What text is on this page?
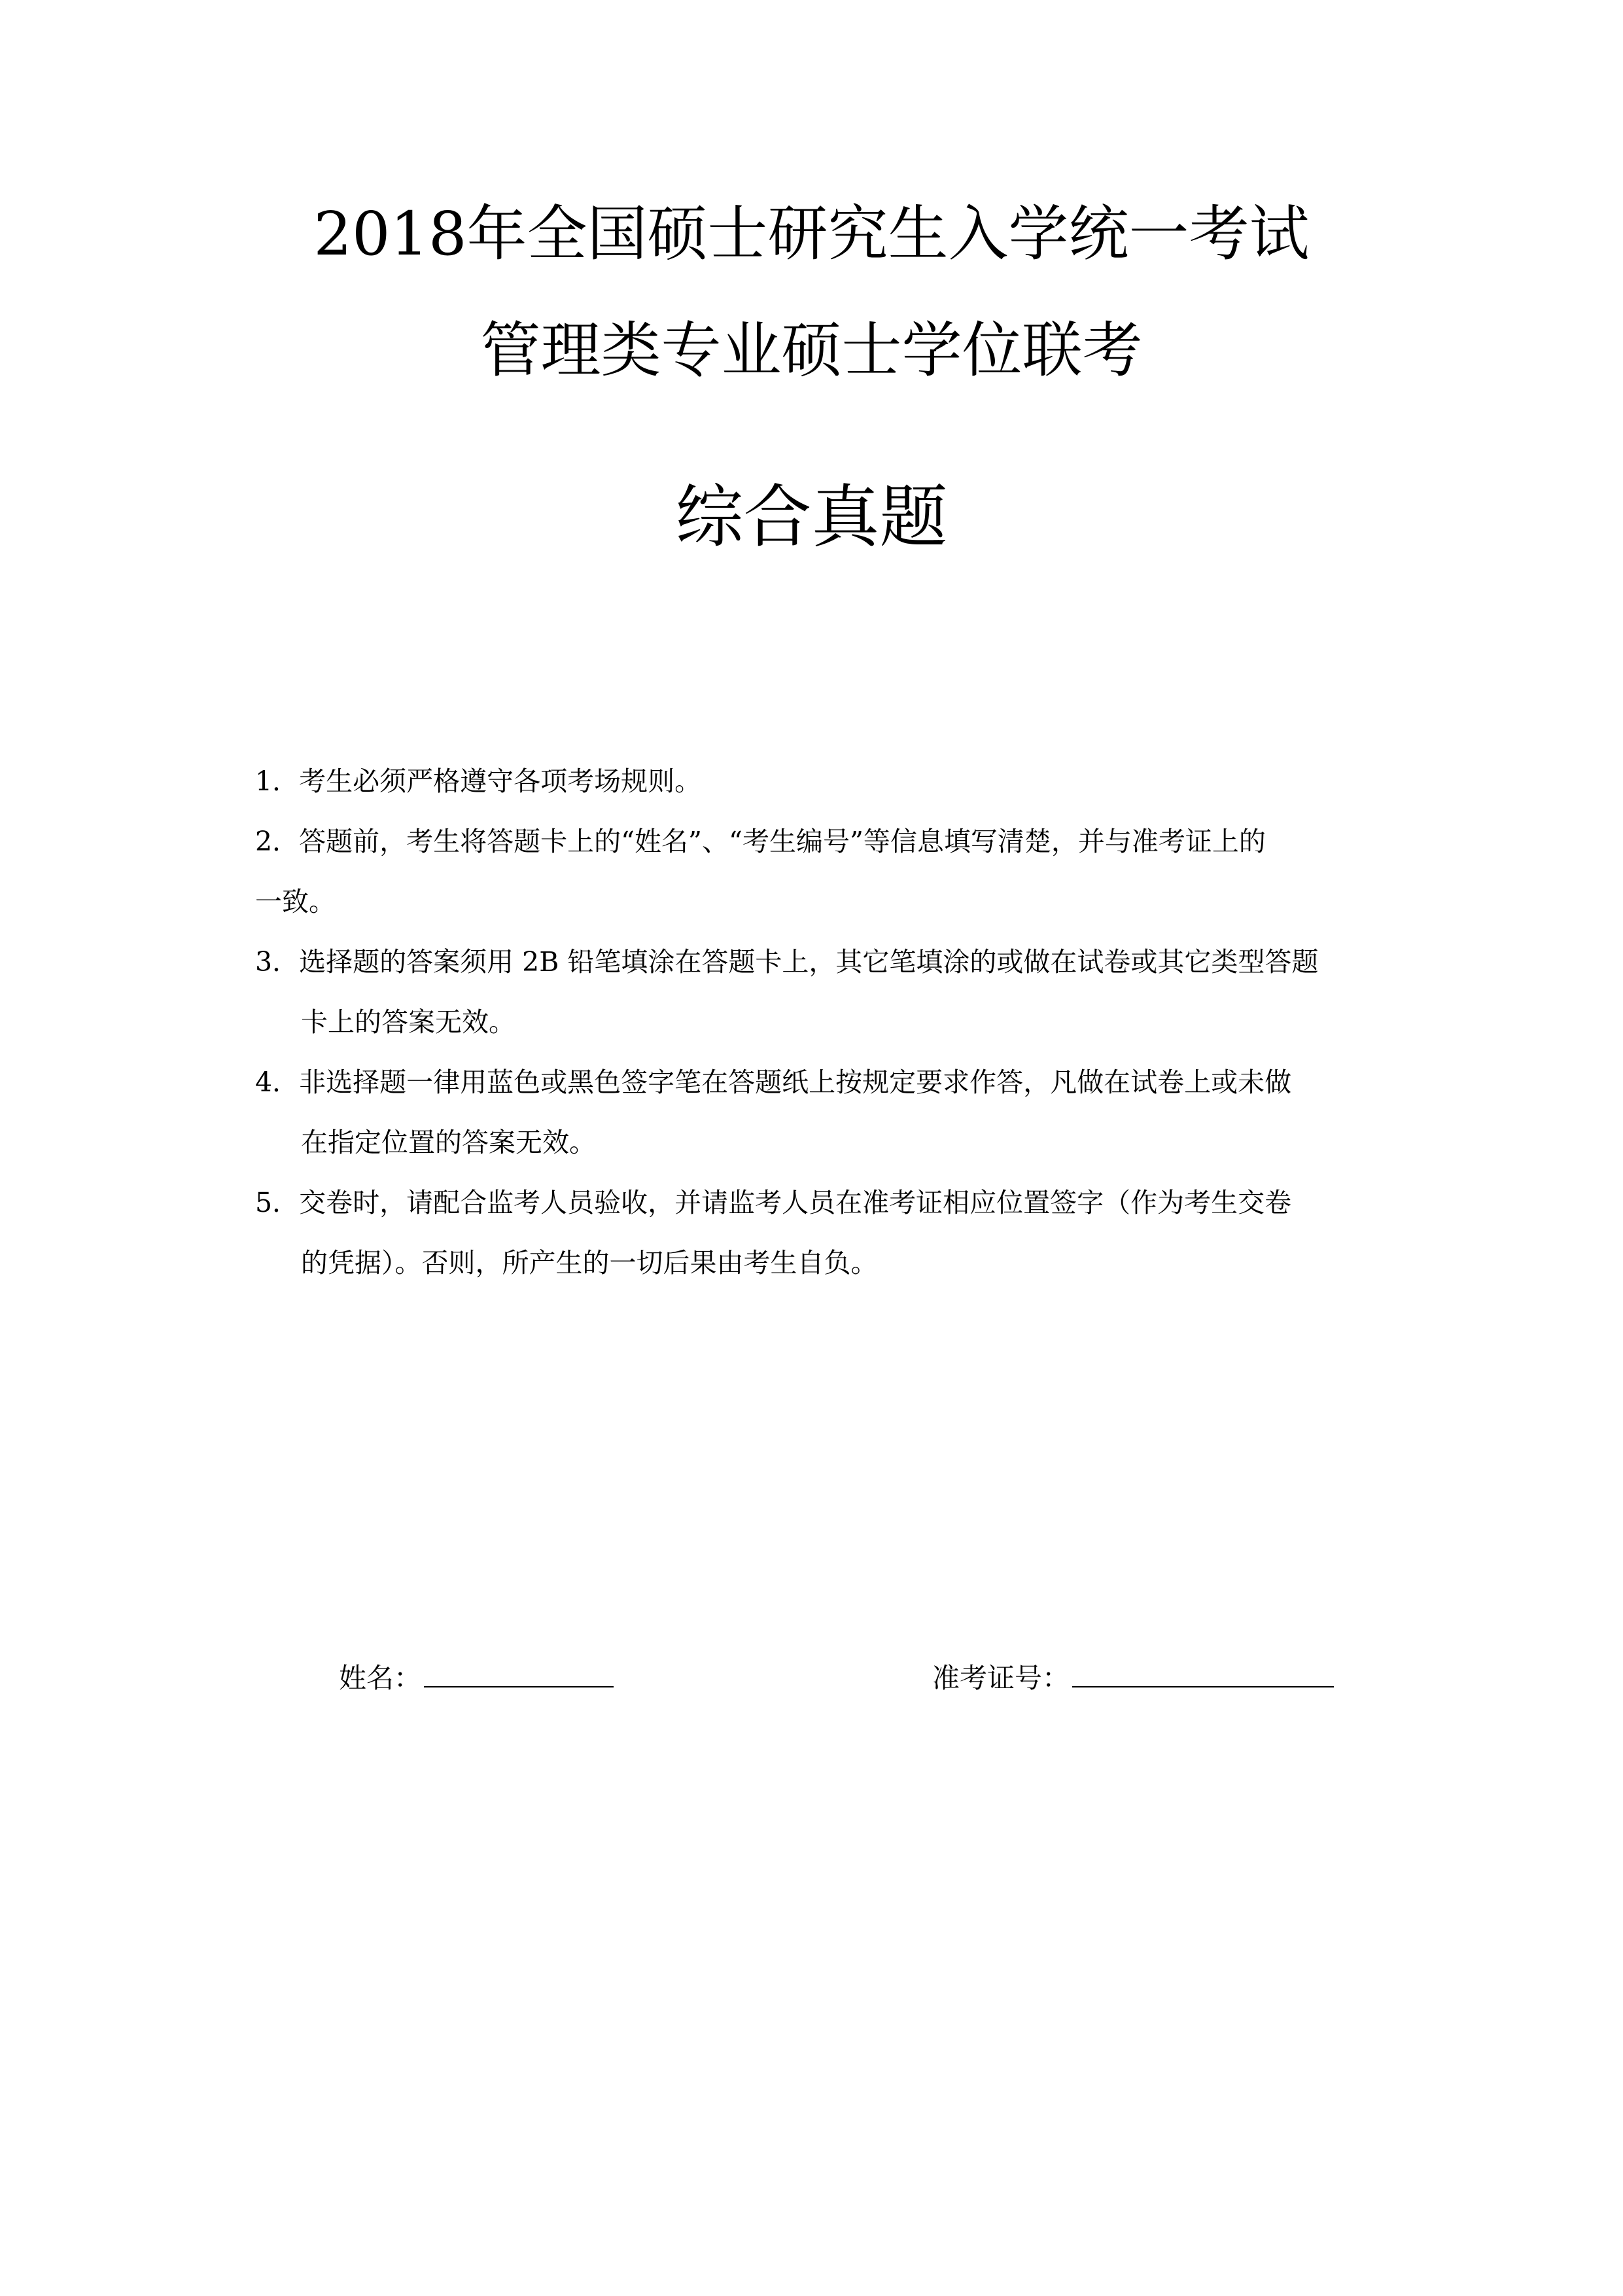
2018年全国硕士研究生入学统一考试
管理类专业硕士学位联考
综合真题

1．考生必须严格遵守各项考场规则。

2．答题前，考生将答题卡上的“姓名”、“考生编号”等信息填写清楚，并与准考证上的
一致。

3．选择题的答案须用 2B 铅笔填涂在答题卡上，其它笔填涂的或做在试卷或其它类型答题
卡上的答案无效。

4．非选择题一律用蓝色或黑色签字笔在答题纸上按规定要求作答，凡做在试卷上或未做
在指定位置的答案无效。

5．交卷时，请配合监考人员验收，并请监考人员在准考证相应位置签字（作为考生交卷
的凭据）。否则，所产生的一切后果由考生自负。

姓名：	准考证号：
